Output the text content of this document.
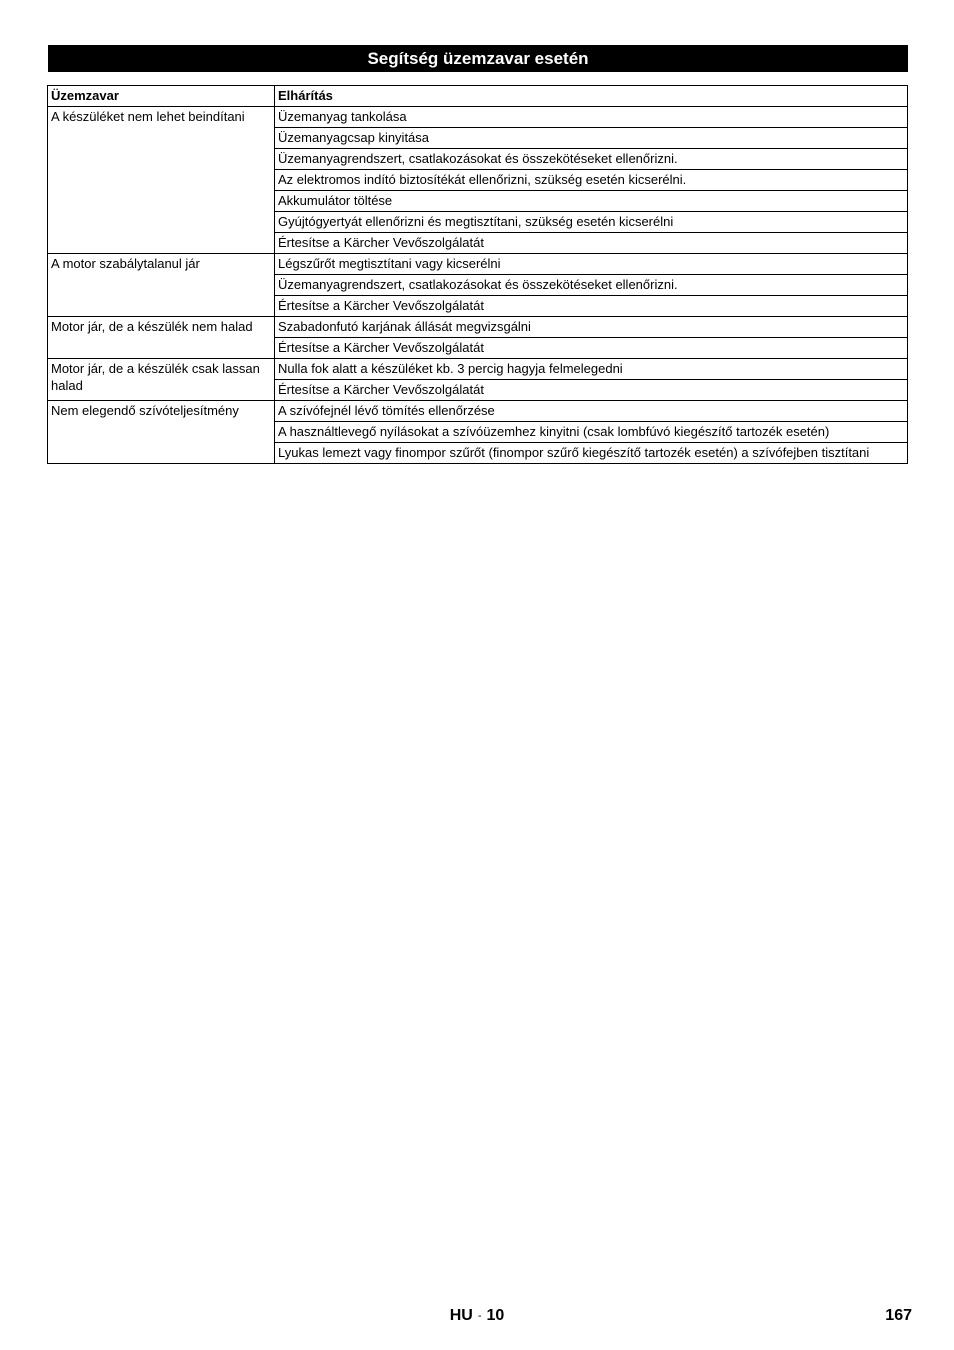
Segítség üzemzavar esetén
Üzemzavar	Elhárítás
A készüléket nem lehet beindítani	Üzemanyag tankolása
	Üzemanyagcsap kinyitása
	Üzemanyagrendszert, csatlakozásokat és összekötéseket ellenőrizni.
	Az elektromos indító biztosítékát ellenőrizni, szükség esetén kicserélni.
	Akkumulátor töltése
	Gyújtógyertyát ellenőrizni és megtisztítani, szükség esetén kicserélni
	Értesítse a Kärcher Vevőszolgálatát
A motor szabálytalanul jár	Légszűrőt megtisztítani vagy kicserélni
	Üzemanyagrendszert, csatlakozásokat és összekötéseket ellenőrizni.
	Értesítse a Kärcher Vevőszolgálatát
Motor jár, de a készülék nem halad	Szabadonfutó karjának állását megvizsgálni
	Értesítse a Kärcher Vevőszolgálatát
Motor jár, de a készülék csak lassan halad	Nulla fok alatt a készüléket kb. 3 percig hagyja felmelegedni
	Értesítse a Kärcher Vevőszolgálatát
Nem elegendő szívóteljesítmény	A szívófejnél lévő tömítés ellenőrzése
	A használtlevegő nyílásokat a szívóüzemhez kinyitni (csak lombfúvó kiegészítő tartozék esetén)
	Lyukas lemezt vagy finompor szűrőt (finompor szűrő kiegészítő tartozék esetén) a szívófejben tisztítani
HU - 10	167
